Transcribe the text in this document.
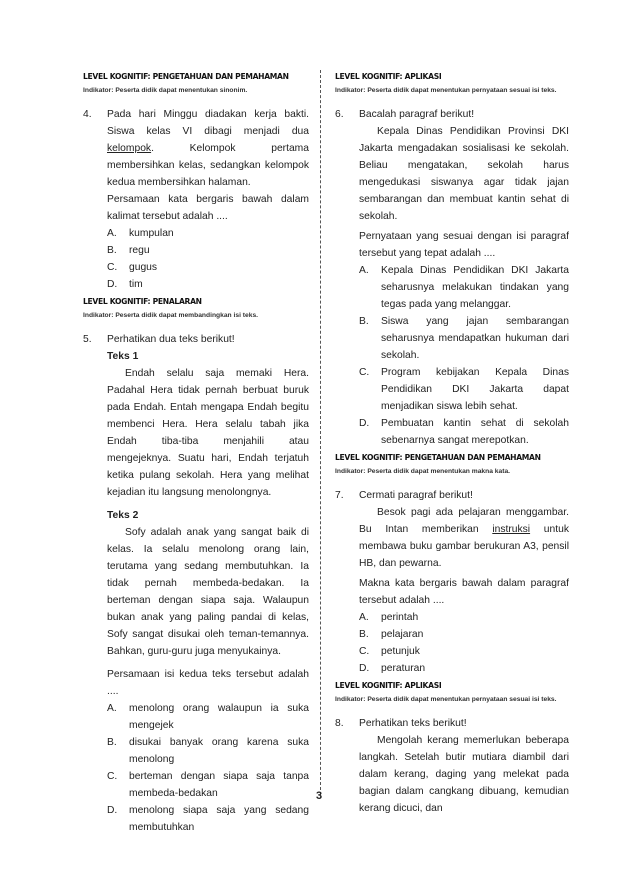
LEVEL KOGNITIF: PENGETAHUAN DAN PEMAHAMAN

Indikator: Peserta didik dapat menentukan sinonim.

4.	Pada hari Minggu diadakan kerja bakti. Siswa kelas VI dibagi menjadi dua kelompok. Kelompok pertama membersihkan kelas, sedangkan kelompok kedua membersihkan halaman.

Persamaan kata bergaris bawah dalam kalimat tersebut adalah ....

A.	kumpulan
B.	regu
C.	gugus
D.	tim

LEVEL KOGNITIF: PENALARAN

Indikator: Peserta didik dapat membandingkan isi teks.

5.	Perhatikan dua teks berikut!

Teks 1

Endah selalu saja memaki Hera. Padahal Hera tidak pernah berbuat buruk pada Endah. Entah mengapa Endah begitu membenci Hera. Hera selalu tabah jika Endah tiba-tiba menjahili atau mengejeknya. Suatu hari, Endah terjatuh ketika pulang sekolah. Hera yang melihat kejadian itu langsung menolongnya.

Teks 2

Sofy adalah anak yang sangat baik di kelas. Ia selalu menolong orang lain, terutama yang sedang membutuhkan. Ia tidak pernah membeda-bedakan. Ia berteman dengan siapa saja. Walaupun bukan anak yang paling pandai di kelas, Sofy sangat disukai oleh teman-temannya. Bahkan, guru-guru juga menyukainya.

Persamaan isi kedua teks tersebut adalah ....

A.	menolong orang walaupun ia suka mengejek
B.	disukai banyak orang karena suka menolong
C.	berteman dengan siapa saja tanpa membeda-bedakan
D.	menolong siapa saja yang sedang membutuhkan

LEVEL KOGNITIF: APLIKASI

Indikator: Peserta didik dapat menentukan pernyataan sesuai isi teks.

6.	Bacalah paragraf berikut!

Kepala Dinas Pendidikan Provinsi DKI Jakarta mengadakan sosialisasi ke sekolah. Beliau mengatakan, sekolah harus mengedukasi siswanya agar tidak jajan sembarangan dan membuat kantin sehat di sekolah.

Pernyataan yang sesuai dengan isi paragraf tersebut yang tepat adalah ....

A.	Kepala Dinas Pendidikan DKI Jakarta seharusnya melakukan tindakan yang tegas pada yang melanggar.
B.	Siswa yang jajan sembarangan seharusnya mendapatkan hukuman dari sekolah.
C.	Program kebijakan Kepala Dinas Pendidikan DKI Jakarta dapat menjadikan siswa lebih sehat.
D.	Pembuatan kantin sehat di sekolah sebenarnya sangat merepotkan.

LEVEL KOGNITIF: PENGETAHUAN DAN PEMAHAMAN

Indikator: Peserta didik dapat menentukan makna kata.

7.	Cermati paragraf berikut!

Besok pagi ada pelajaran menggambar. Bu Intan memberikan instruksi untuk membawa buku gambar berukuran A3, pensil HB, dan pewarna.

Makna kata bergaris bawah dalam paragraf tersebut adalah ....

A.	perintah
B.	pelajaran
C.	petunjuk
D.	peraturan

LEVEL KOGNITIF: APLIKASI

Indikator: Peserta didik dapat menentukan pernyataan sesuai isi teks.

8.	Perhatikan teks berikut!

Mengolah kerang memerlukan beberapa langkah. Setelah butir mutiara diambil dari dalam kerang, daging yang melekat pada bagian dalam cangkang dibuang, kemudian kerang dicuci, dan

3
